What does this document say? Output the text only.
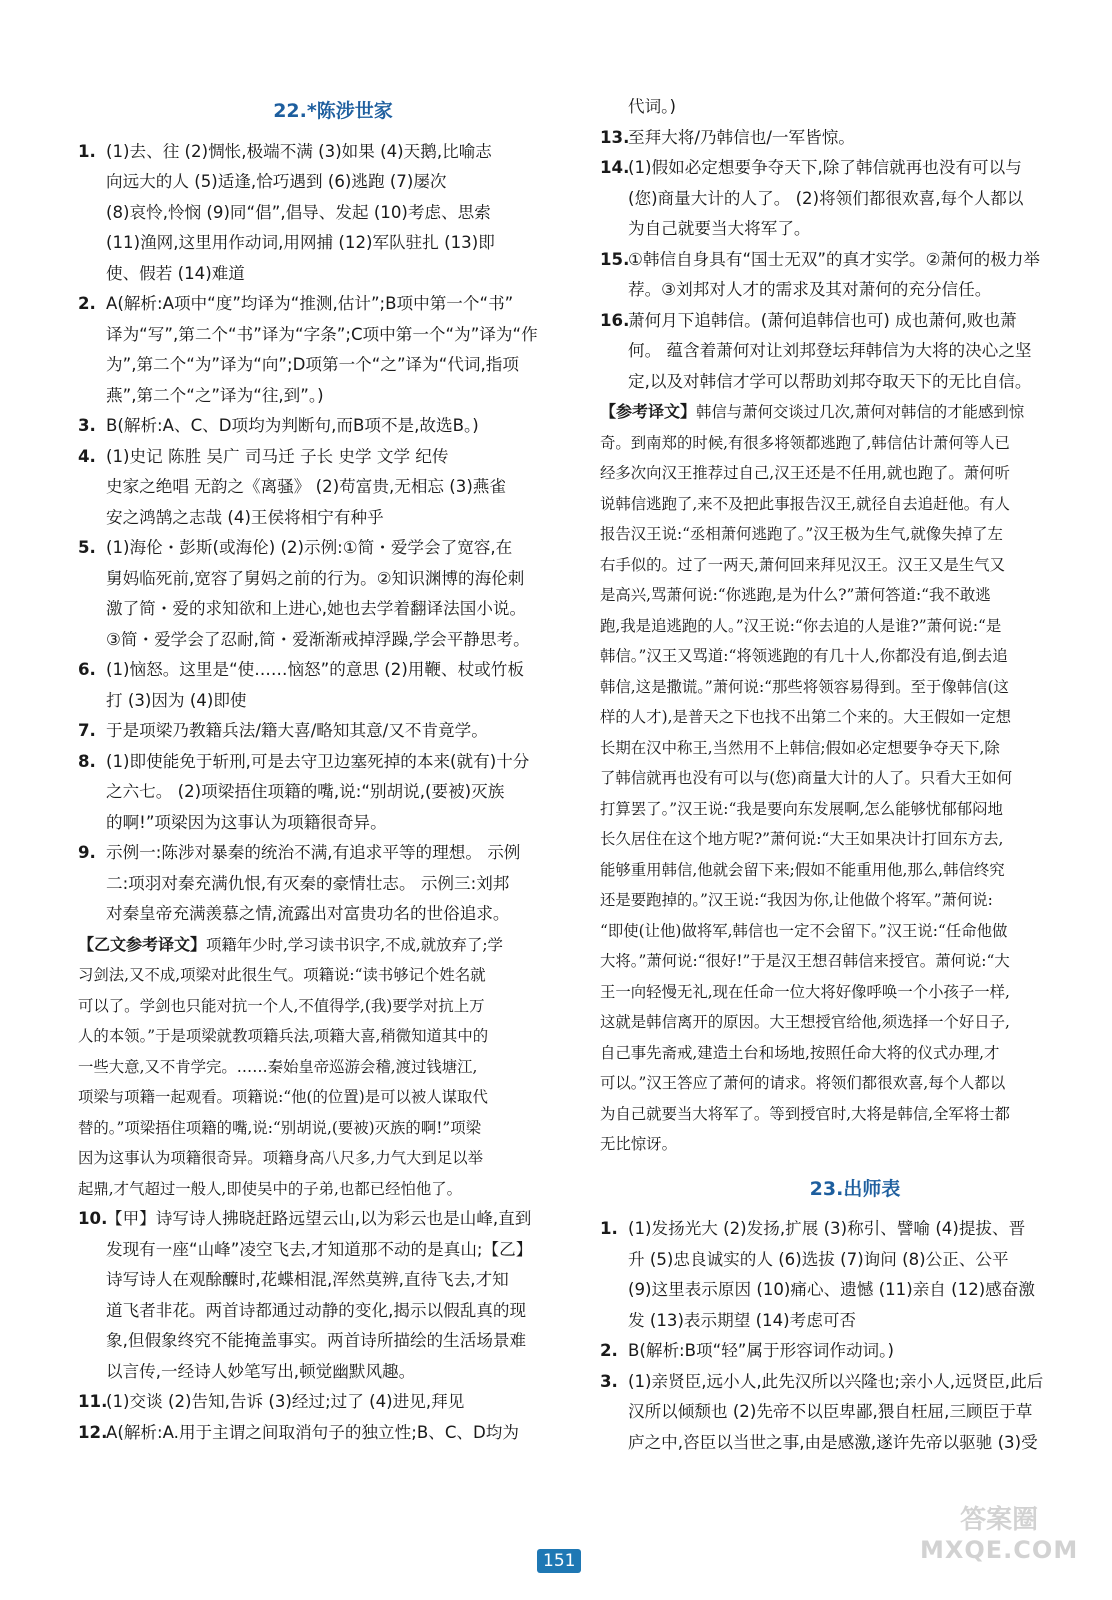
22.*陈涉世家
1. (1)去、往 (2)惆怅,极端不满 (3)如果 (4)天鹅,比喻志
向远大的人 (5)适逢,恰巧遇到 (6)逃跑 (7)屡次
(8)哀怜,怜悯 (9)同“倡”,倡导、发起 (10)考虑、思索
(11)渔网,这里用作动词,用网捕 (12)军队驻扎 (13)即
使、假若 (14)难道
2. A(解析:A项中“度”均译为“推测,估计”;B项中第一个“书”
译为“写”,第二个“书”译为“字条”;C项中第一个“为”译为“作
为”,第二个“为”译为“向”;D项第一个“之”译为“代词,指项
燕”,第二个“之”译为“往,到”。)
3. B(解析:A、C、D项均为判断句,而B项不是,故选B。)
4. (1)史记 陈胜 吴广 司马迁 子长 史学 文学 纪传
史家之绝唱 无韵之《离骚》 (2)苟富贵,无相忘 (3)燕雀
安之鸿鹄之志哉 (4)王侯将相宁有种乎
5. (1)海伦・彭斯(或海伦) (2)示例:①简・爱学会了宽容,在
舅妈临死前,宽容了舅妈之前的行为。②知识渊博的海伦刺
激了简・爱的求知欲和上进心,她也去学着翻译法国小说。
③简・爱学会了忍耐,简・爱渐渐戒掉浮躁,学会平静思考。
6. (1)恼怒。这里是“使……恼怒”的意思 (2)用鞭、杖或竹板
打 (3)因为 (4)即使
7. 于是项梁乃教籍兵法/籍大喜/略知其意/又不肯竟学。
8. (1)即使能免于斩刑,可是去守卫边塞死掉的本来(就有)十分
之六七。 (2)项梁捂住项籍的嘴,说:“别胡说,(要被)灭族
的啊!”项梁因为这事认为项籍很奇异。
9. 示例一:陈涉对暴秦的统治不满,有追求平等的理想。 示例
二:项羽对秦充满仇恨,有灭秦的豪情壮志。 示例三:刘邦
对秦皇帝充满羡慕之情,流露出对富贵功名的世俗追求。
【乙文参考译文】项籍年少时,学习读书识字,不成,就放弃了;学
习剑法,又不成,项梁对此很生气。项籍说:“读书够记个姓名就
可以了。学剑也只能对抗一个人,不值得学,(我)要学对抗上万
人的本领。”于是项梁就教项籍兵法,项籍大喜,稍微知道其中的
一些大意,又不肯学完。……秦始皇帝巡游会稽,渡过钱塘江,
项梁与项籍一起观看。项籍说:“他(的位置)是可以被人谋取代
替的。”项梁捂住项籍的嘴,说:“别胡说,(要被)灭族的啊!”项梁
因为这事认为项籍很奇异。项籍身高八尺多,力气大到足以举
起鼎,才气超过一般人,即使吴中的子弟,也都已经怕他了。
10.
【甲】诗写诗人拂晓赶路远望云山,以为彩云也是山峰,直到
发现有一座“山峰”凌空飞去,才知道那不动的是真山;【乙】
诗写诗人在观酴醾时,花蝶相混,浑然莫辨,直待飞去,才知
道飞者非花。两首诗都通过动静的变化,揭示以假乱真的现
象,但假象终究不能掩盖事实。两首诗所描绘的生活场景难
以言传,一经诗人妙笔写出,顿觉幽默风趣。
11.
(1)交谈 (2)告知,告诉 (3)经过;过了 (4)进见,拜见
12.
A(解析:A.用于主谓之间取消句子的独立性;B、C、D均为
代词。)
13.
至拜大将/乃韩信也/一军皆惊。
14.
(1)假如必定想要争夺天下,除了韩信就再也没有可以与
(您)商量大计的人了。 (2)将领们都很欢喜,每个人都以
为自己就要当大将军了。
15.
①韩信自身具有“国士无双”的真才实学。②萧何的极力举
荐。③刘邦对人才的需求及其对萧何的充分信任。
16.
萧何月下追韩信。(萧何追韩信也可) 成也萧何,败也萧
何。 蕴含着萧何对让刘邦登坛拜韩信为大将的决心之坚
定,以及对韩信才学可以帮助刘邦夺取天下的无比自信。
【参考译文】韩信与萧何交谈过几次,萧何对韩信的才能感到惊
奇。到南郑的时候,有很多将领都逃跑了,韩信估计萧何等人已
经多次向汉王推荐过自己,汉王还是不任用,就也跑了。萧何听
说韩信逃跑了,来不及把此事报告汉王,就径自去追赶他。有人
报告汉王说:“丞相萧何逃跑了。”汉王极为生气,就像失掉了左
右手似的。过了一两天,萧何回来拜见汉王。汉王又是生气又
是高兴,骂萧何说:“你逃跑,是为什么?”萧何答道:“我不敢逃
跑,我是追逃跑的人。”汉王说:“你去追的人是谁?”萧何说:“是
韩信。”汉王又骂道:“将领逃跑的有几十人,你都没有追,倒去追
韩信,这是撒谎。”萧何说:“那些将领容易得到。至于像韩信(这
样的人才),是普天之下也找不出第二个来的。大王假如一定想
长期在汉中称王,当然用不上韩信;假如必定想要争夺天下,除
了韩信就再也没有可以与(您)商量大计的人了。只看大王如何
打算罢了。”汉王说:“我是要向东发展啊,怎么能够忧郁郁闷地
长久居住在这个地方呢?”萧何说:“大王如果决计打回东方去,
能够重用韩信,他就会留下来;假如不能重用他,那么,韩信终究
还是要跑掉的。”汉王说:“我因为你,让他做个将军。”萧何说:
“即使(让他)做将军,韩信也一定不会留下。”汉王说:“任命他做
大将。”萧何说:“很好!”于是汉王想召韩信来授官。萧何说:“大
王一向轻慢无礼,现在任命一位大将好像呼唤一个小孩子一样,
这就是韩信离开的原因。大王想授官给他,须选择一个好日子,
自己事先斋戒,建造土台和场地,按照任命大将的仪式办理,才
可以。”汉王答应了萧何的请求。将领们都很欢喜,每个人都以
为自己就要当大将军了。等到授官时,大将是韩信,全军将士都
无比惊讶。
23.出师表
1. (1)发扬光大 (2)发扬,扩展 (3)称引、譬喻 (4)提拔、晋
升 (5)忠良诚实的人 (6)选拔 (7)询问 (8)公正、公平
(9)这里表示原因 (10)痛心、遗憾 (11)亲自 (12)感奋激
发 (13)表示期望 (14)考虑可否
2. B(解析:B项“轻”属于形容词作动词。)
3. (1)亲贤臣,远小人,此先汉所以兴隆也;亲小人,远贤臣,此后
汉所以倾颓也 (2)先帝不以臣卑鄙,猥自枉屈,三顾臣于草
庐之中,咨臣以当世之事,由是感激,遂许先帝以驱驰 (3)受
151
答案圈
MXQE.COM
